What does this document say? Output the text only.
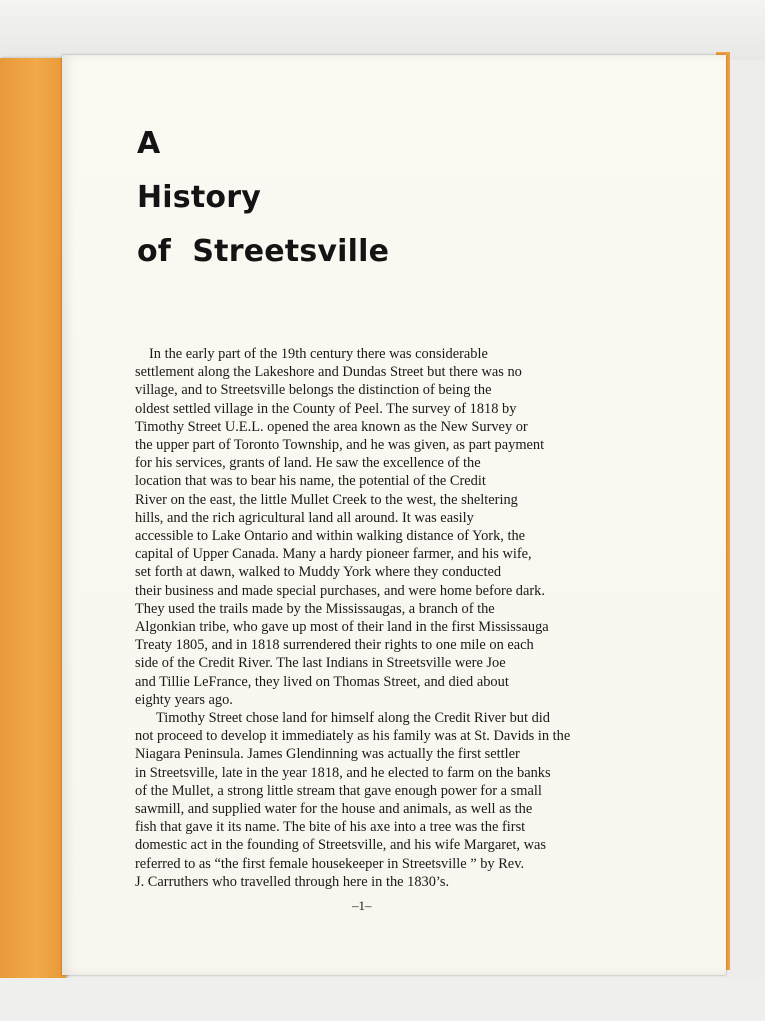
A
History
of  Streetsville

In the early part of the 19th century there was considerable
settlement along the Lakeshore and Dundas Street but there was no
village, and to Streetsville belongs the distinction of being the
oldest settled village in the County of Peel. The survey of 1818 by
Timothy Street U.E.L. opened the area known as the New Survey or
the upper part of Toronto Township, and he was given, as part payment
for his services, grants of land. He saw the excellence of the
location that was to bear his name, the potential of the Credit
River on the east, the little Mullet Creek to the west, the sheltering
hills, and the rich agricultural land all around. It was easily
accessible to Lake Ontario and within walking distance of York, the
capital of Upper Canada. Many a hardy pioneer farmer, and his wife,
set forth at dawn, walked to Muddy York where they conducted
their business and made special purchases, and were home before dark.
They used the trails made by the Mississaugas, a branch of the
Algonkian tribe, who gave up most of their land in the first Mississauga
Treaty 1805, and in 1818 surrendered their rights to one mile on each
side of the Credit River. The last Indians in Streetsville were Joe
and Tillie LeFrance, they lived on Thomas Street, and died about
eighty years ago.
Timothy Street chose land for himself along the Credit River but did
not proceed to develop it immediately as his family was at St. Davids in the
Niagara Peninsula. James Glendinning was actually the first settler
in Streetsville, late in the year 1818, and he elected to farm on the banks
of the Mullet, a strong little stream that gave enough power for a small
sawmill, and supplied water for the house and animals, as well as the
fish that gave it its name. The bite of his axe into a tree was the first
domestic act in the founding of Streetsville, and his wife Margaret, was
referred to as “the first female housekeeper in Streetsville ” by Rev.
J. Carruthers who travelled through here in the 1830’s.

–1–
